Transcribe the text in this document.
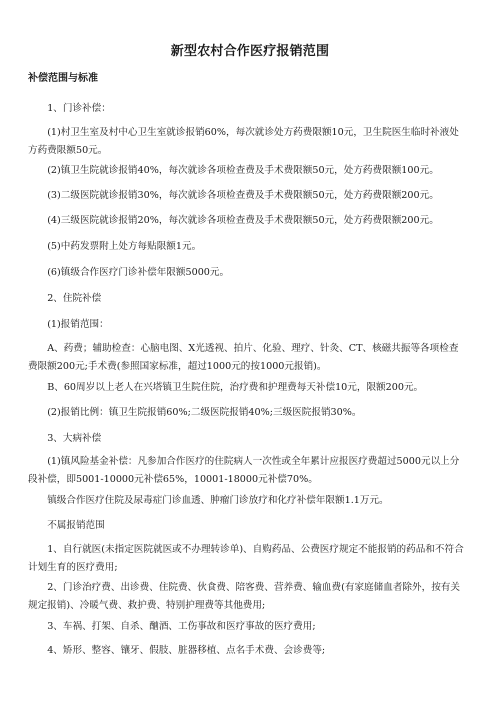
新型农村合作医疗报销范围
补偿范围与标准
1、门诊补偿：
(1)村卫生室及村中心卫生室就诊报销60%，每次就诊处方药费限额10元，卫生院医生临时补液处方药费限额50元。
(2)镇卫生院就诊报销40%，每次就诊各项检查费及手术费限额50元，处方药费限额100元。
(3)二级医院就诊报销30%，每次就诊各项检查费及手术费限额50元，处方药费限额200元。
(4)三级医院就诊报销20%，每次就诊各项检查费及手术费限额50元，处方药费限额200元。
(5)中药发票附上处方每贴限额1元。
(6)镇级合作医疗门诊补偿年限额5000元。
2、住院补偿
(1)报销范围：
A、药费；辅助检查：心脑电图、X光透视、拍片、化验、理疗、针灸、CT、核磁共振等各项检查费限额200元;手术费(参照国家标准，超过1000元的按1000元报销)。
B、60周岁以上老人在兴塔镇卫生院住院，治疗费和护理费每天补偿10元，限额200元。
(2)报销比例：镇卫生院报销60%;二级医院报销40%;三级医院报销30%。
3、大病补偿
(1)镇风险基金补偿：凡参加合作医疗的住院病人一次性或全年累计应报医疗费超过5000元以上分段补偿，即5001-10000元补偿65%，10001-18000元补偿70%。
镇级合作医疗住院及尿毒症门诊血透、肿瘤门诊放疗和化疗补偿年限额1.1万元。
不属报销范围
1、自行就医(未指定医院就医或不办理转诊单)、自购药品、公费医疗规定不能报销的药品和不符合计划生育的医疗费用;
2、门诊治疗费、出诊费、住院费、伙食费、陪客费、营养费、输血费(有家庭储血者除外，按有关规定报销)、冷暖气费、救护费、特别护理费等其他费用;
3、车祸、打架、自杀、酗酒、工伤事故和医疗事故的医疗费用;
4、矫形、整容、镶牙、假肢、脏器移植、点名手术费、会诊费等;
